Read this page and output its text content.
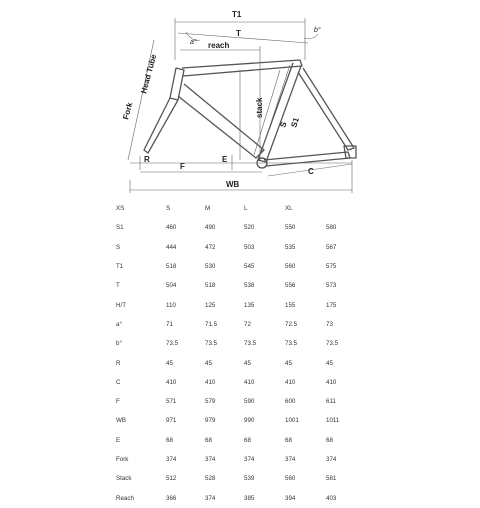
T1
T
a°
b°
reach
Head Tube
Fork	stack
S S1
R
F
E
C
WB
XS	S	M	L	XL	
S1	460	490	520	550	580
S	444	472	503	535	567
T1	518	530	545	560	575
T	504	518	538	556	573
H/T	110	125	135	155	175
a°	71	71.5	72	72.5	73
b°	73.5	73.5	73.5	73.5	73.5
R	45	45	45	45	45
C	410	410	410	410	410
F	571	579	590	600	611
WB	971	979	990	1001	1011
E	68	68	68	68	68
Fork	374	374	374	374	374
Stack	512	528	539	560	581
Reach	366	374	385	394	403
